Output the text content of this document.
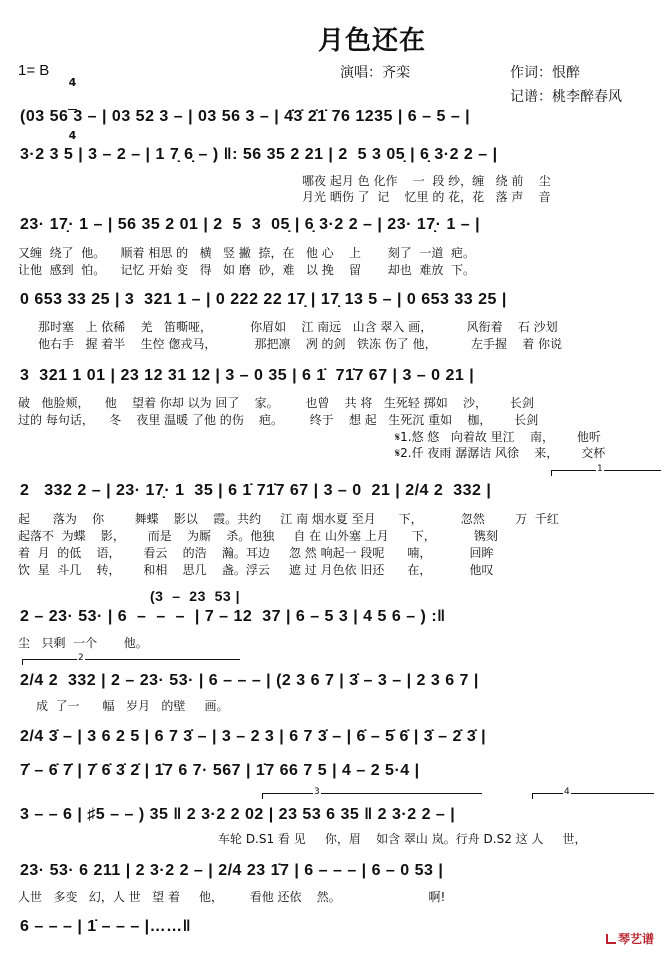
月色还在
1= B

4

4

演唱：齐栾	作词：恨醉
记谱：桃李醉春风
(03 56 3 – | 03 52 3 – | 03 56 3 – | 4̇3̇ 2̇1̇ 76 1235 | 6 – 5 – |
3·2 3 5 | 3 – 2 – | 1 7̣ 6̣ – ) ‖: 56 35 2 21 | 2  5 3 05̣ | 6̣ 3·2 2 – |
哪夜 起月 色 化作    一  段 纱，缠   绕 前    尘
月光 晒伤 了  记    忆里 的 花，花   落 声    音
23· 17̣· 1 – | 56 35 2 01 | 2  5  3  05̣ | 6̣ 3·2 2 – | 23· 17̣· 1 – |
又缠  绕了  他。    顺着 相思 的   横   竖 撇  捺，在   他 心    上       刻了  一道  疤。
让他  感到  怕。    记忆 开始 变   得   如 磨  砂，难   以 挽    留       却也  难放  下。
0 653 33 25 | 3  321 1 – | 0 222 22 17̣ | 17̣ 13 5 – | 0 653 33 25 |
那时塞   上 依稀    羌   笛嘶哑，          你眉如    江 南远   山含 翠入 画，         风衔着    石 沙划
他右手   握 着半    生倥 偬戎马，          那把凛    冽 的剑   铁冻 伤了 他，         左手握    着 你说
3  321 1 01 | 23 12 31 12 | 3 – 0 35 | 6 1̇  71̇7 67 | 3 – 0 21 |
破   他脸颊，    他    望着 你却 以为 回了    家。       也曾    共 将   生死轻 掷如    沙，      长剑
过的 每句话，    冬    夜里 温暖 了他 的伤    疤。       终于    想 起   生死沉 重如    枷，      长剑
𝄋1.悠 悠   向着故 里江    南，      他听
𝄋2.仟 夜雨 潺潺诘 风徐    来，      交杯
1
2   332 2 – | 23· 17̣· 1  35 | 6 1̇ 71̇7 67 | 3 – 0  21 | 2/4 2  332 |
起      落为    你        舞蝶    影以    霞。共约     江 南 烟水夏 至月      下，          忽然        万  千红
起落不  为蝶    影，      而是    为厮    杀。他独     自 在 山外塞 上月      下，          镌刻
着  月  的低    语，      看云    的浩    瀚。耳边     忽 然 响起一 段呢      喃，          回眸
饮  星  斗几    转，      和相    思几    盏。浮云     遮 过 月色依 旧还      在，          他叹
(3  –  23  53 |
2 – 23· 53· | 6  –  –  –  | 7 – 12  37 | 6 – 5 3 | 4 5 6 – ) :‖
尘   只剩  一个       他。
2
2/4 2  332 | 2 – 23· 53· | 6 – – – | (2 3 6 7 | 3̇ – 3 – | 2 3 6 7 |
成  了一      幅   岁月   的壁     画。
2/4 3̇ – | 3 6 2 5 | 6 7 3̇ – | 3 – 2 3 | 6 7 3̇ – | 6̇ – 5̇ 6̇ | 3̇ – 2̇ 3̇ |
7̇ – 6̇ 7̇ | 7̇ 6̇ 3̇ 2̇ | 1̇7 6 7· 567 | 1̇7 66 7 5 | 4 – 2 5·4 |
3	4
3 – – 6 | ♯5 – – ) 35 ‖ 2 3·2 2 02 | 23 53 6 35 ‖ 2 3·2 2 – |
车轮 D.S1 看 见     你，眉    如含 翠山 岚。行舟 D.S2 这 人     世，
23· 53· 6 211 | 2 3·2 2 – | 2/4 23 1̇7 | 6 – – – | 6 – 0 53 |
人世   多变   幻，人 世   望 着     他，       看他 还依    然。                       啊!
6 – – – | 1̇ – – – |……‖
琴艺谱
